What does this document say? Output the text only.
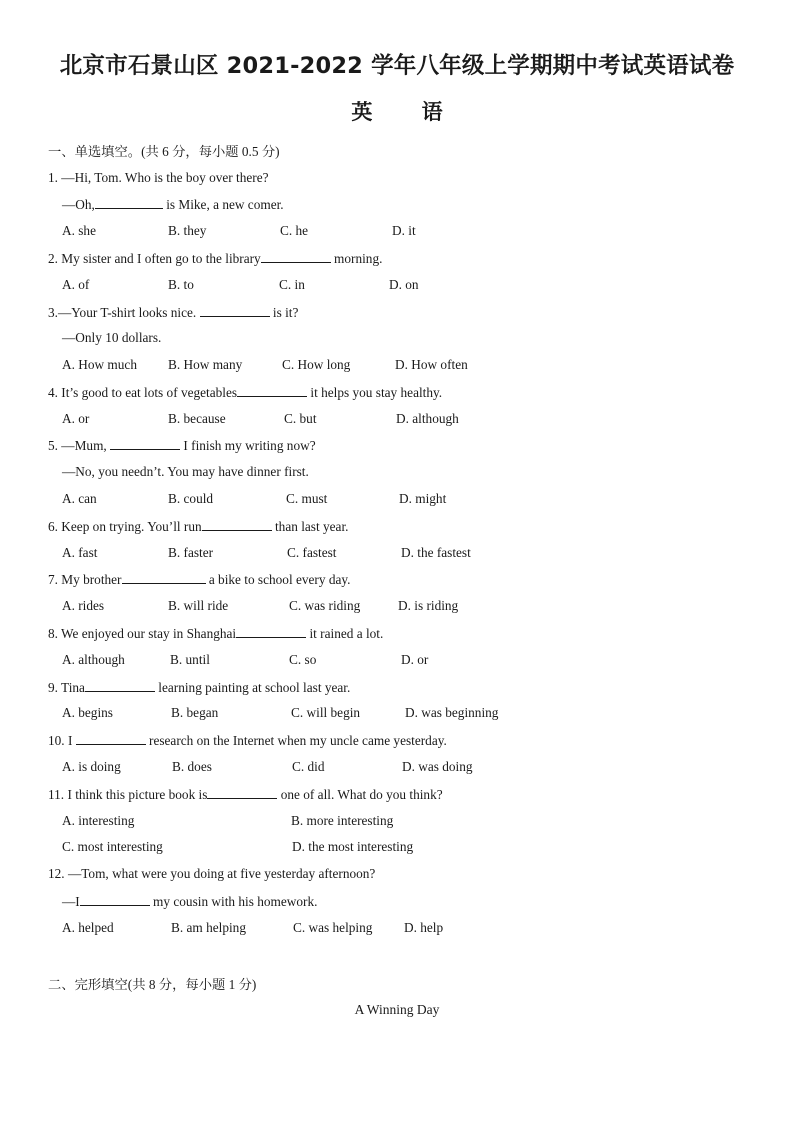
北京市石景山区 2021-2022 学年八年级上学期期中考试英语试卷
英 语
一、单选填空。(共 6 分，每小题 0.5 分)
1. —Hi, Tom. Who is the boy over there?
—Oh,	is Mike, a new comer.
A. she	B. they	C. he	D. it
2. My sister and I often go to the library	morning.
A. of	B. to	C. in	D. on
3.—Your T-shirt looks nice.	is it?
—Only 10 dollars.
A. How much B. How many	C. How long	D. How often
4. It’s good to eat lots of vegetables	it helps you stay healthy.
A. or	B. because	C. but	D. although
5. —Mum,	I finish my writing now?
—No, you needn’t. You may have dinner first.
A. can	B. could	C. must	D. might
6. Keep on trying. You’ll run	than last year.
A. fast	B. faster	C. fastest	D. the fastest
7. My brother	a bike to school every day.
A. rides	B. will ride	C. was riding	D. is riding
8. We enjoyed our stay in Shanghai	it rained a lot.
A. although	B. until	C. so	D. or
9. Tina	learning painting at school last year.
A. begins	B. began	C. will begin	D. was beginning
10. I	research on the Internet when my uncle came yesterday.
A. is doing	B. does	C. did	D. was doing
11. I think this picture book is	one of all. What do you think?
A. interesting	B. more interesting
C. most interesting	D. the most interesting
12. —Tom, what were you doing at five yesterday afternoon?
—I	my cousin with his homework.
A. helped	B. am helping	C. was helping D. help
二、完形填空(共 8 分，每小题 1 分)
A Winning Day
